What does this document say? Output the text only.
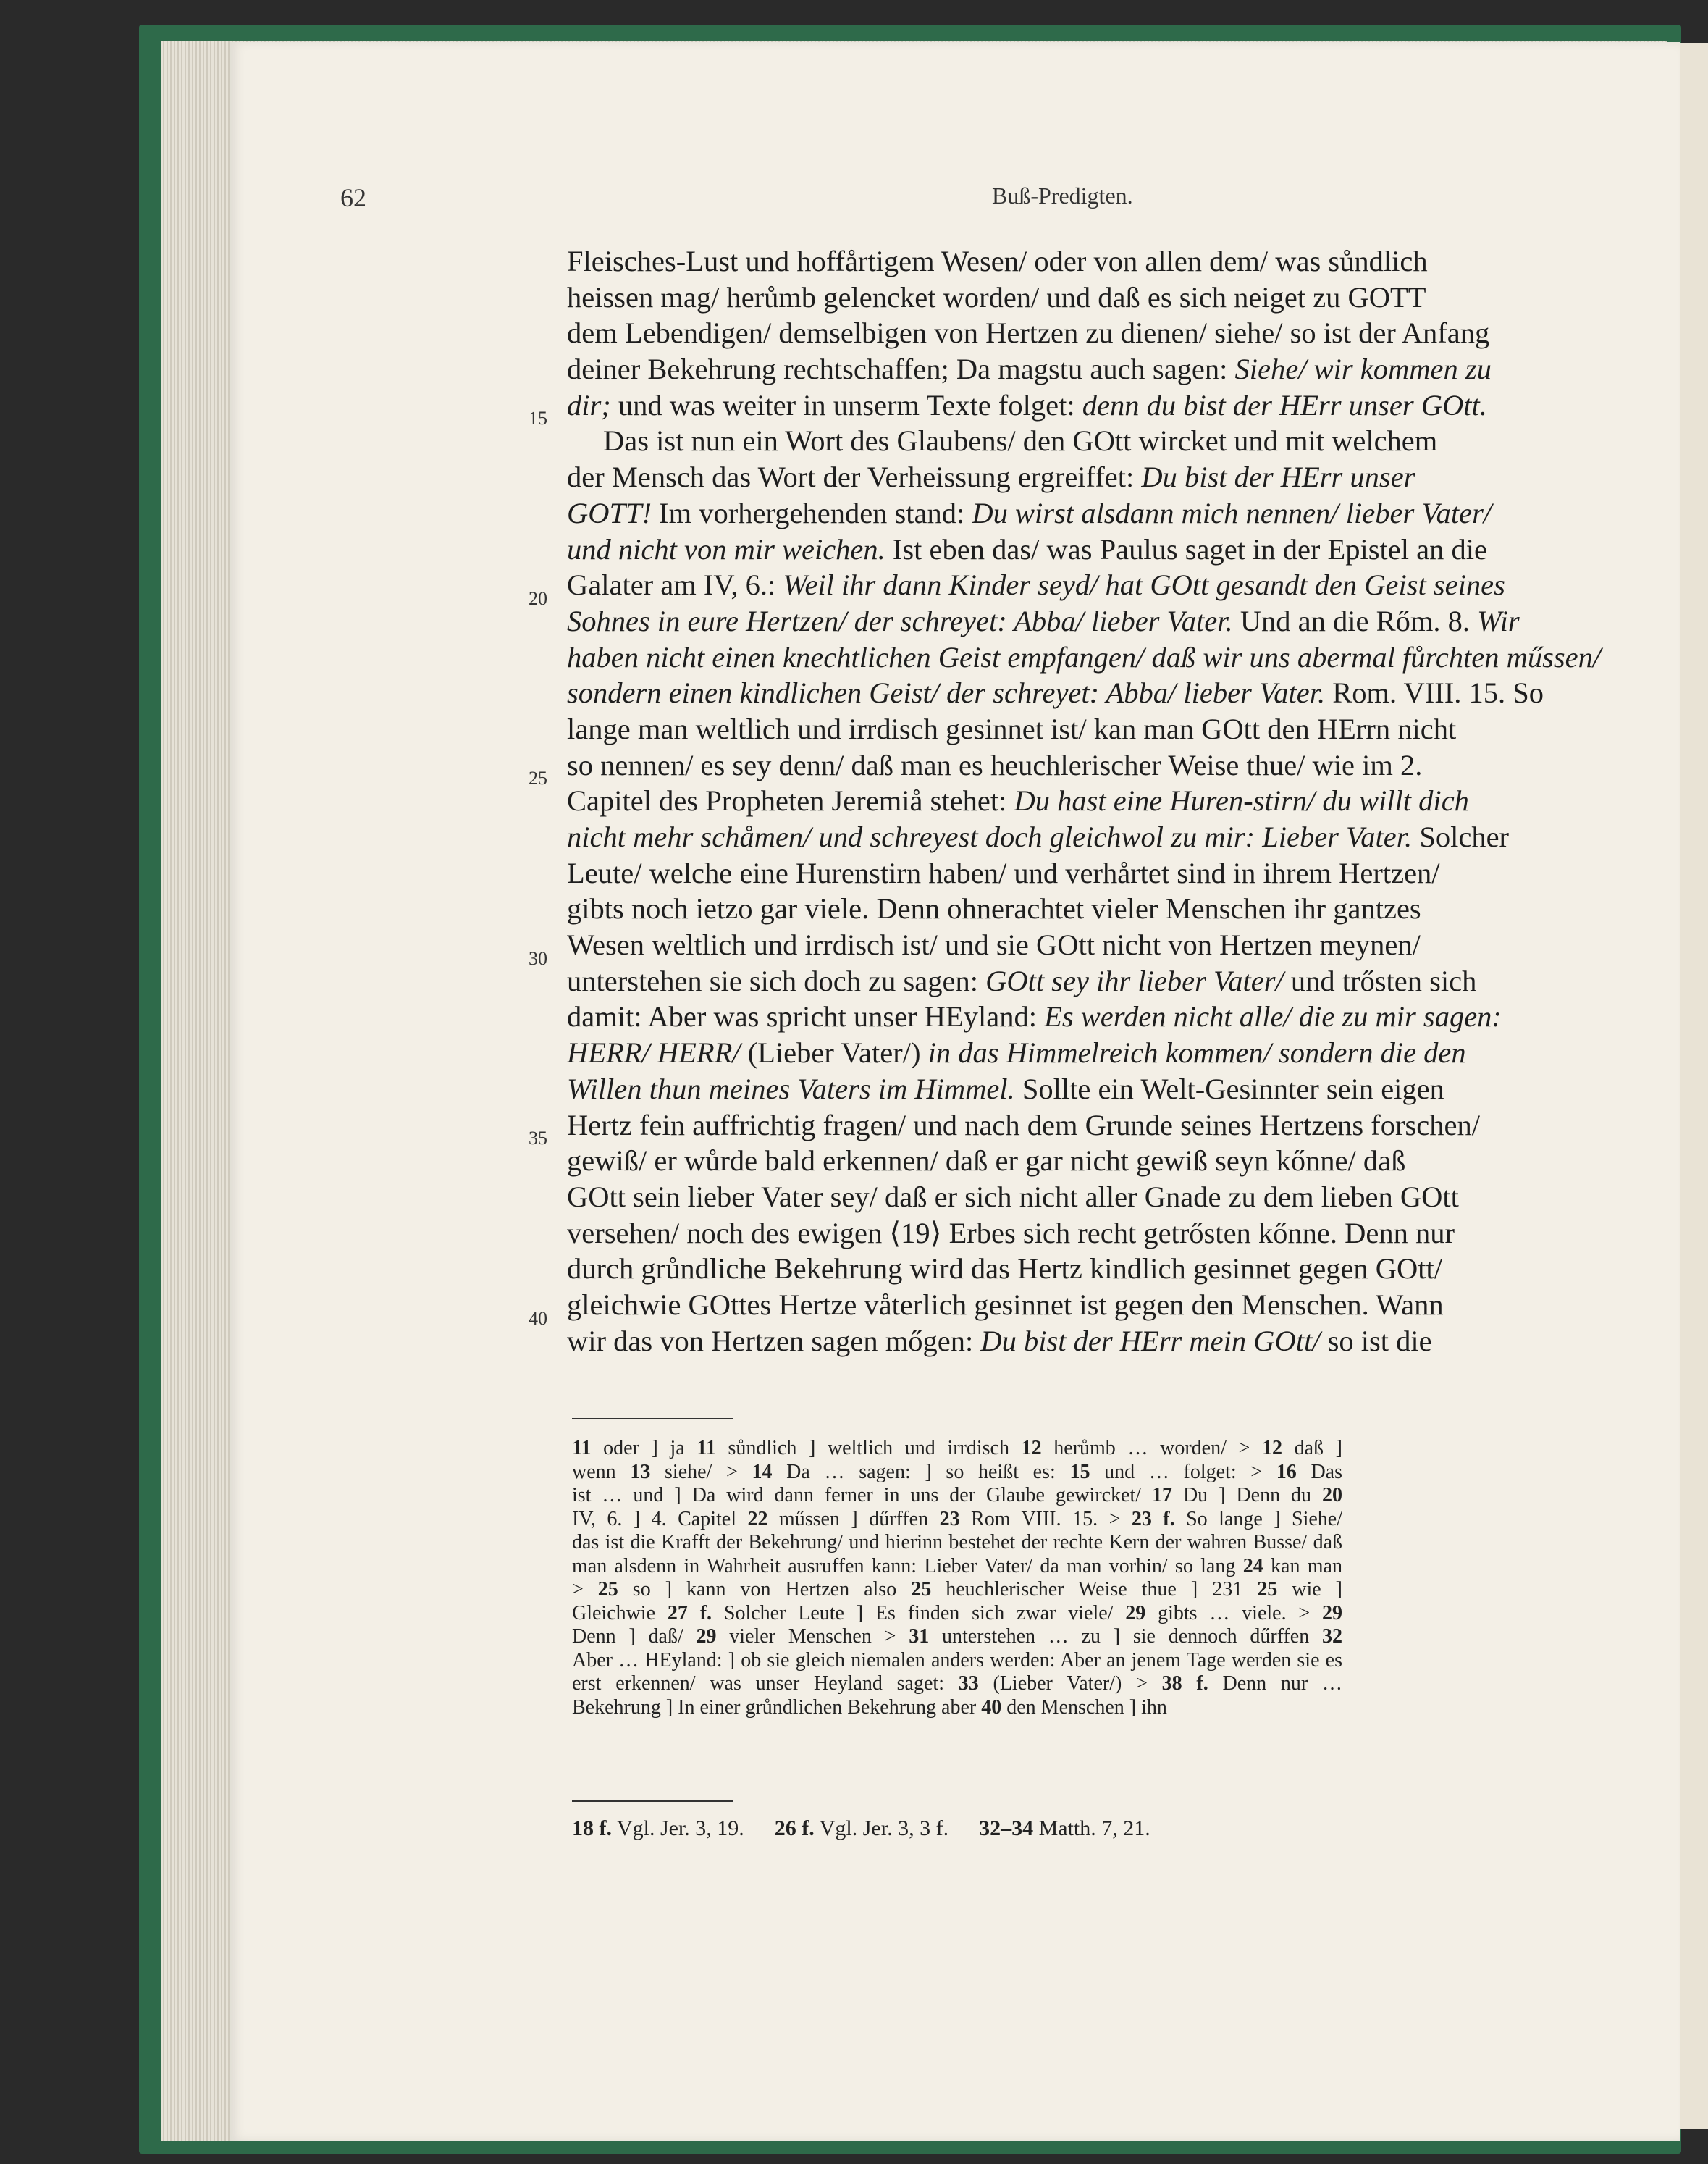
62	Buß-Predigten.
15
20
25
30
35
40
Fleisches-Lust und hoffårtigem Wesen/ oder von allen dem/ was sůndlich
heissen mag/ herůmb gelencket worden/ und daß es sich neiget zu GOTT
dem Lebendigen/ demselbigen von Hertzen zu dienen/ siehe/ so ist der Anfang
deiner Bekehrung rechtschaffen; Da magstu auch sagen: Siehe/ wir kommen zu
dir; und was weiter in unserm Texte folget: denn du bist der HErr unser GOtt.
Das ist nun ein Wort des Glaubens/ den GOtt wircket und mit welchem
der Mensch das Wort der Verheissung ergreiffet: Du bist der HErr unser
GOTT! Im vorhergehenden stand: Du wirst alsdann mich nennen/ lieber Vater/
und nicht von mir weichen. Ist eben das/ was Paulus saget in der Epistel an die
Galater am IV, 6.: Weil ihr dann Kinder seyd/ hat GOtt gesandt den Geist seines
Sohnes in eure Hertzen/ der schreyet: Abba/ lieber Vater. Und an die Rőm. 8. Wir
haben nicht einen knechtlichen Geist empfangen/ daß wir uns abermal fůrchten műssen/
sondern einen kindlichen Geist/ der schreyet: Abba/ lieber Vater. Rom. VIII. 15. So
lange man weltlich und irrdisch gesinnet ist/ kan man GOtt den HErrn nicht
so nennen/ es sey denn/ daß man es heuchlerischer Weise thue/ wie im 2.
Capitel des Propheten Jeremiå stehet: Du hast eine Huren-stirn/ du willt dich
nicht mehr schåmen/ und schreyest doch gleichwol zu mir: Lieber Vater. Solcher
Leute/ welche eine Hurenstirn haben/ und verhårtet sind in ihrem Hertzen/
gibts noch ietzo gar viele. Denn ohnerachtet vieler Menschen ihr gantzes
Wesen weltlich und irrdisch ist/ und sie GOtt nicht von Hertzen meynen/
unterstehen sie sich doch zu sagen: GOtt sey ihr lieber Vater/ und trősten sich
damit: Aber was spricht unser HEyland: Es werden nicht alle/ die zu mir sagen:
HERR/ HERR/ (Lieber Vater/) in das Himmelreich kommen/ sondern die den
Willen thun meines Vaters im Himmel. Sollte ein Welt-Gesinnter sein eigen
Hertz fein auffrichtig fragen/ und nach dem Grunde seines Hertzens forschen/
gewiß/ er wůrde bald erkennen/ daß er gar nicht gewiß seyn kőnne/ daß
GOtt sein lieber Vater sey/ daß er sich nicht aller Gnade zu dem lieben GOtt
versehen/ noch des ewigen ⟨19⟩ Erbes sich recht getrősten kőnne. Denn nur
durch grůndliche Bekehrung wird das Hertz kindlich gesinnet gegen GOtt/
gleichwie GOttes Hertze våterlich gesinnet ist gegen den Menschen. Wann
wir das von Hertzen sagen mőgen: Du bist der HErr mein GOtt/ so ist die
11 oder ] ja 11 sůndlich ] weltlich und irrdisch 12 herůmb … worden/ > 12 daß ]
wenn 13 siehe/ > 14 Da … sagen: ] so heißt es: 15 und … folget: > 16 Das
ist … und ] Da wird dann ferner in uns der Glaube gewircket/ 17 Du ] Denn du 20
IV, 6. ] 4. Capitel 22 műssen ] dűrffen 23 Rom VIII. 15. > 23 f. So lange ] Siehe/
das ist die Krafft der Bekehrung/ und hierinn bestehet der rechte Kern der wahren Busse/ daß
man alsdenn in Wahrheit ausruffen kann: Lieber Vater/ da man vorhin/ so lang 24 kan man
> 25 so ] kann von Hertzen also 25 heuchlerischer Weise thue ] 231 25 wie ]
Gleichwie 27 f. Solcher Leute ] Es finden sich zwar viele/ 29 gibts … viele. > 29
Denn ] daß/ 29 vieler Menschen > 31 unterstehen … zu ] sie dennoch dűrffen 32
Aber … HEyland: ] ob sie gleich niemalen anders werden: Aber an jenem Tage werden sie es
erst erkennen/ was unser Heyland saget: 33 (Lieber Vater/) > 38 f. Denn nur …
Bekehrung ] In einer grůndlichen Bekehrung aber 40 den Menschen ] ihn
18 f. Vgl. Jer. 3, 19. 26 f. Vgl. Jer. 3, 3 f. 32–34 Matth. 7, 21.
